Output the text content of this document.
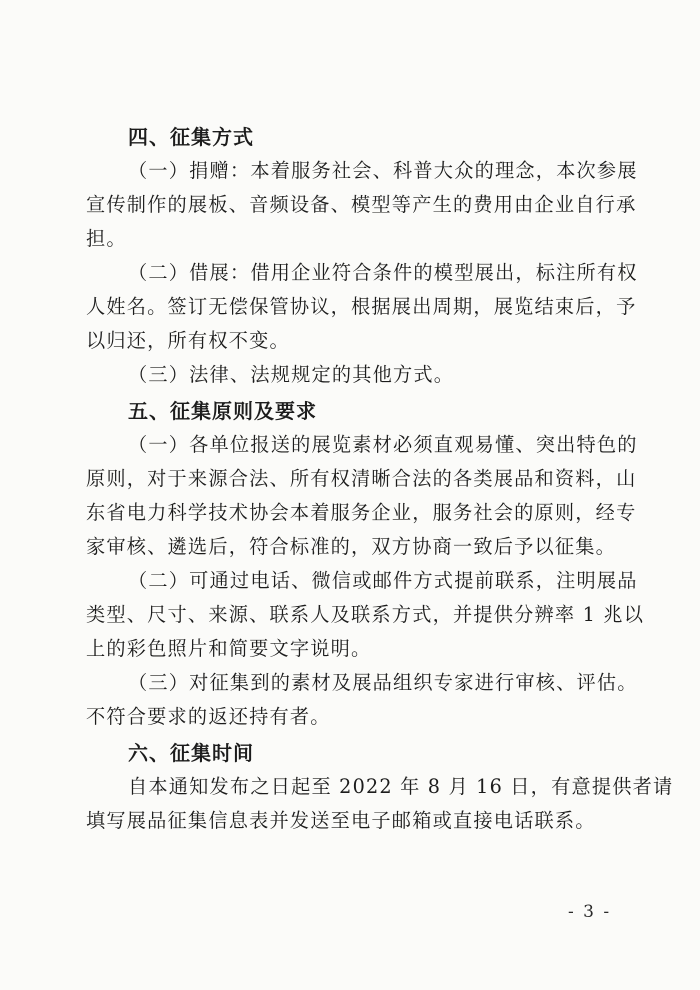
四、征集方式
（一）捐赠：本着服务社会、科普大众的理念，本次参展
宣传制作的展板、音频设备、模型等产生的费用由企业自行承
担。
（二）借展：借用企业符合条件的模型展出，标注所有权
人姓名。签订无偿保管协议，根据展出周期，展览结束后，予
以归还，所有权不变。
（三）法律、法规规定的其他方式。
五、征集原则及要求
（一）各单位报送的展览素材必须直观易懂、突出特色的
原则，对于来源合法、所有权清晰合法的各类展品和资料，山
东省电力科学技术协会本着服务企业，服务社会的原则，经专
家审核、遴选后，符合标准的，双方协商一致后予以征集。
（二）可通过电话、微信或邮件方式提前联系，注明展品
类型、尺寸、来源、联系人及联系方式，并提供分辨率 1 兆以
上的彩色照片和简要文字说明。
（三）对征集到的素材及展品组织专家进行审核、评估。
不符合要求的返还持有者。
六、征集时间
自本通知发布之日起至 2022 年 8 月 16 日，有意提供者请
填写展品征集信息表并发送至电子邮箱或直接电话联系。
- 3 -
